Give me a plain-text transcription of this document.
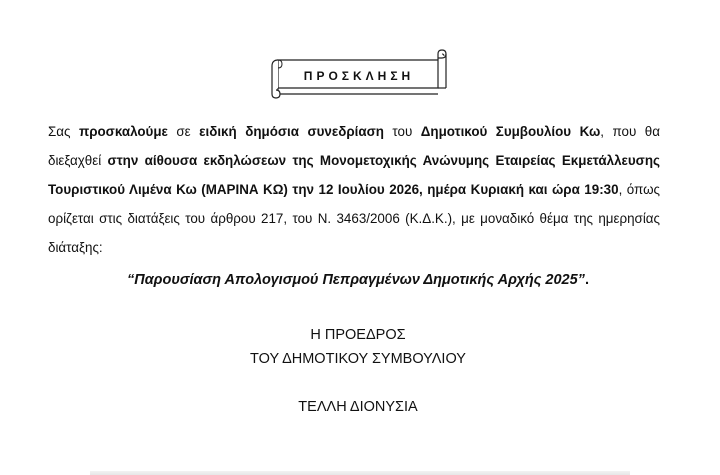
ΠΡΟΣΚΛΗΣΗ
Σας προσκαλούμε σε ειδική δημόσια συνεδρίαση του Δημοτικού Συμβουλίου Κω, που θα διεξαχθεί στην αίθουσα εκδηλώσεων της Μονομετοχικής Ανώνυμης Εταιρείας Εκμετάλλευσης Τουριστικού Λιμένα Κω (ΜΑΡΙΝΑ ΚΩ) την 12 Ιουλίου 2026, ημέρα Κυριακή και ώρα 19:30, όπως ορίζεται στις διατάξεις του άρθρου 217, του Ν. 3463/2006 (Κ.Δ.Κ.), με μοναδικό θέμα της ημερησίας διάταξης:
“Παρουσίαση Απολογισμού Πεπραγμένων Δημοτικής Αρχής 2025”.
Η ΠΡΟΕΔΡΟΣ
ΤΟΥ ΔΗΜΟΤΙΚΟΥ ΣΥΜΒΟΥΛΙΟΥ
ΤΕΛΛΗ ΔΙΟΝΥΣΙΑ
